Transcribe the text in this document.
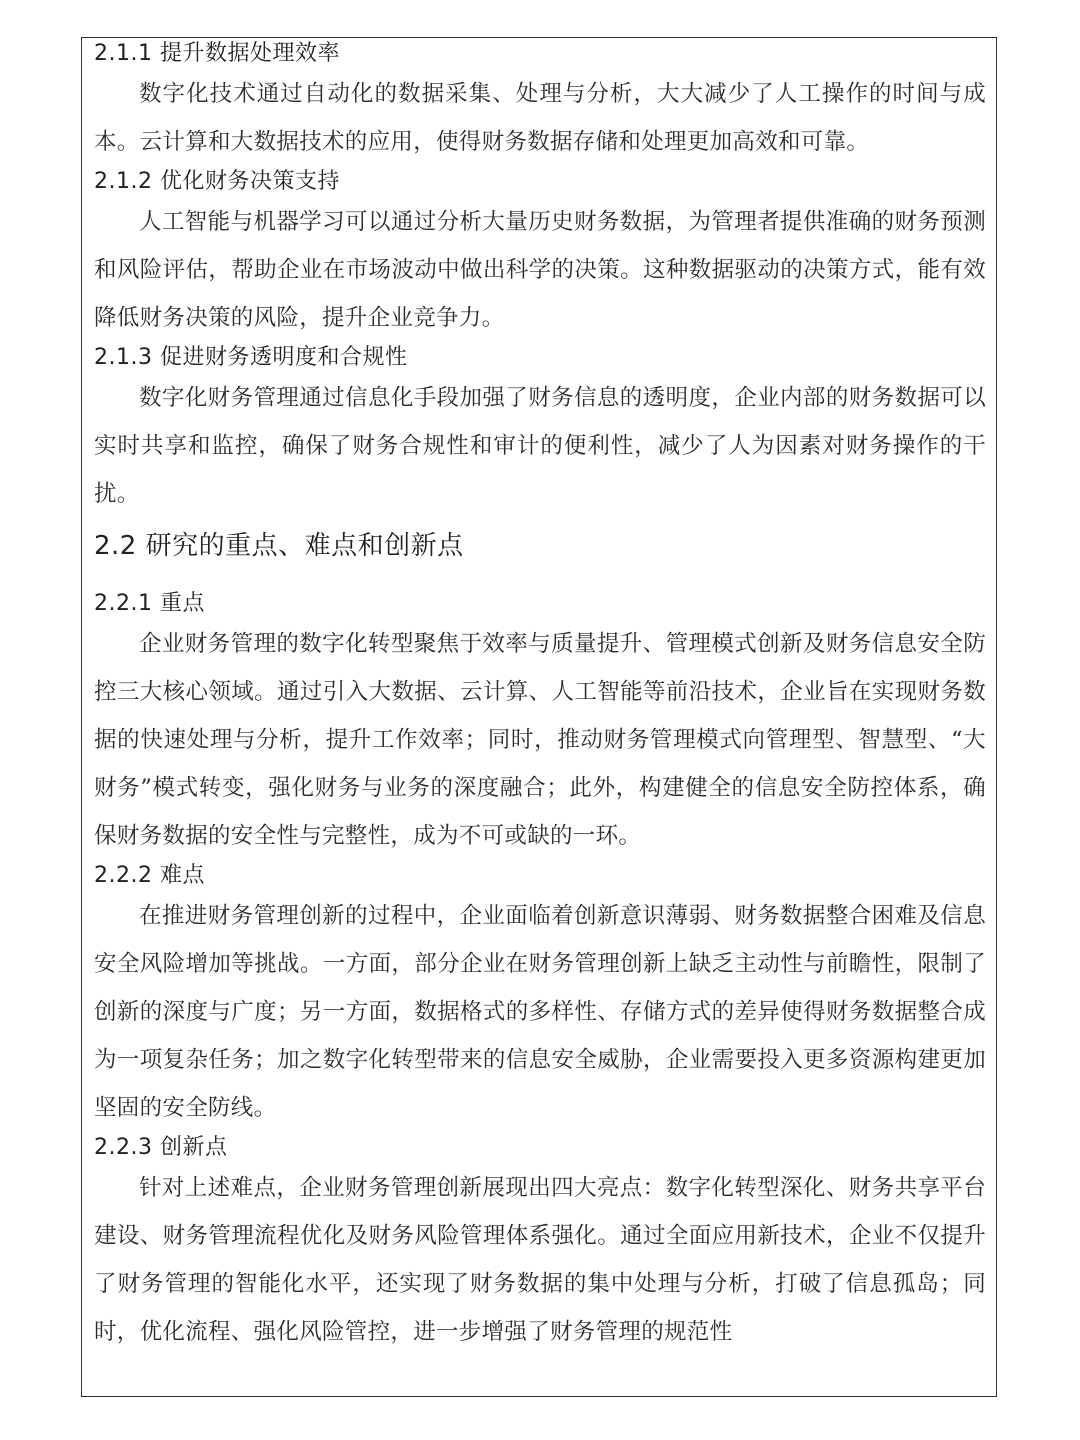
2.1.1 提升数据处理效率

数字化技术通过自动化的数据采集、处理与分析，大大减少了人工操作的时间与成本。云计算和大数据技术的应用，使得财务数据存储和处理更加高效和可靠。

2.1.2 优化财务决策支持

人工智能与机器学习可以通过分析大量历史财务数据，为管理者提供准确的财务预测和风险评估，帮助企业在市场波动中做出科学的决策。这种数据驱动的决策方式，能有效降低财务决策的风险，提升企业竞争力。

2.1.3 促进财务透明度和合规性

数字化财务管理通过信息化手段加强了财务信息的透明度，企业内部的财务数据可以实时共享和监控，确保了财务合规性和审计的便利性，减少了人为因素对财务操作的干扰。

2.2 研究的重点、难点和创新点
2.2.1 重点

企业财务管理的数字化转型聚焦于效率与质量提升、管理模式创新及财务信息安全防控三大核心领域。通过引入大数据、云计算、人工智能等前沿技术，企业旨在实现财务数据的快速处理与分析，提升工作效率；同时，推动财务管理模式向管理型、智慧型、“大财务”模式转变，强化财务与业务的深度融合；此外，构建健全的信息安全防控体系，确保财务数据的安全性与完整性，成为不可或缺的一环。

2.2.2 难点

在推进财务管理创新的过程中，企业面临着创新意识薄弱、财务数据整合困难及信息安全风险增加等挑战。一方面，部分企业在财务管理创新上缺乏主动性与前瞻性，限制了创新的深度与广度；另一方面，数据格式的多样性、存储方式的差异使得财务数据整合成为一项复杂任务；加之数字化转型带来的信息安全威胁，企业需要投入更多资源构建更加坚固的安全防线。

2.2.3 创新点

针对上述难点，企业财务管理创新展现出四大亮点：数字化转型深化、财务共享平台建设、财务管理流程优化及财务风险管理体系强化。通过全面应用新技术，企业不仅提升了财务管理的智能化水平，还实现了财务数据的集中处理与分析，打破了信息孤岛；同时，优化流程、强化风险管控，进一步增强了财务管理的规范性
